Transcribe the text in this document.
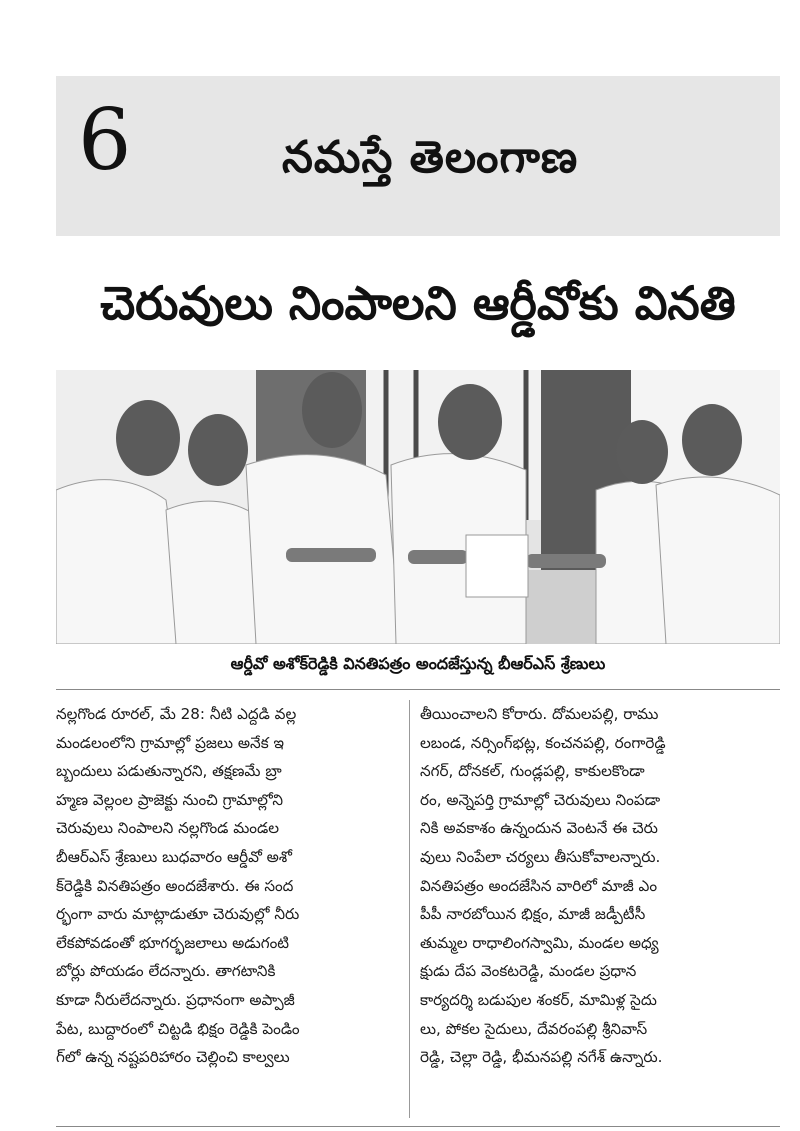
6	నమస్తే తెలంగాణ
చెరువులు నింపాలని ఆర్డీవోకు వినతి
ఆర్డీవో అశోక్‌రెడ్డికి వినతిపత్రం అందజేస్తున్న బీఆర్‌ఎస్ శ్రేణులు
నల్లగొండ రూరల్, మే 28: నీటి ఎద్దడి వల్ల
మండలంలోని గ్రామాల్లో ప్రజలు అనేక ఇ
బ్బందులు పడుతున్నారని, తక్షణమే బ్రా
హ్మణ వెల్లంల ప్రాజెక్టు నుంచి గ్రామాల్లోని
చెరువులు నింపాలని నల్లగొండ మండల
బీఆర్‌ఎస్ శ్రేణులు బుధవారం ఆర్డీవో అశో
క్‌రెడ్డికి వినతిపత్రం అందజేశారు. ఈ సంద
ర్భంగా వారు మాట్లాడుతూ చెరువుల్లో నీరు
లేకపోవడంతో భూగర్భజలాలు అడుగంటి
బోర్లు పోయడం లేదన్నారు. తాగటానికి
కూడా నీరులేదన్నారు. ప్రధానంగా అప్పాజీ
పేట, బుద్దారంలో చిట్టడి భిక్షం రెడ్డికి పెండిం
గ్‌లో ఉన్న నష్టపరిహారం చెల్లించి కాల్వలు
తీయించాలని కోరారు. దోమలపల్లి, రాము
లబండ, నర్సింగ్‌భట్ల, కంచనపల్లి, రంగారెడ్డి
నగర్, దోనకల్, గుండ్లపల్లి, కాకులకొండా
రం, అన్నెపర్తి గ్రామాల్లో చెరువులు నింపడా
నికి అవకాశం ఉన్నందున వెంటనే ఈ చెరు
వులు నింపేలా చర్యలు తీసుకోవాలన్నారు.
వినతిపత్రం అందజేసిన వారిలో మాజీ ఎం
పీపీ నారబోయిన భిక్షం, మాజీ జడ్పీటీసీ
తుమ్మల రాధాలింగస్వామి, మండల అధ్య
క్షుడు దేప వెంకటరెడ్డి, మండల ప్రధాన
కార్యదర్శి బడుపుల శంకర్, మామిళ్ల సైదు
లు, పోకల సైదులు, దేవరంపల్లి శ్రీనివాస్
రెడ్డి, చెల్లా రెడ్డి, భీమనపల్లి నగేశ్ ఉన్నారు.
